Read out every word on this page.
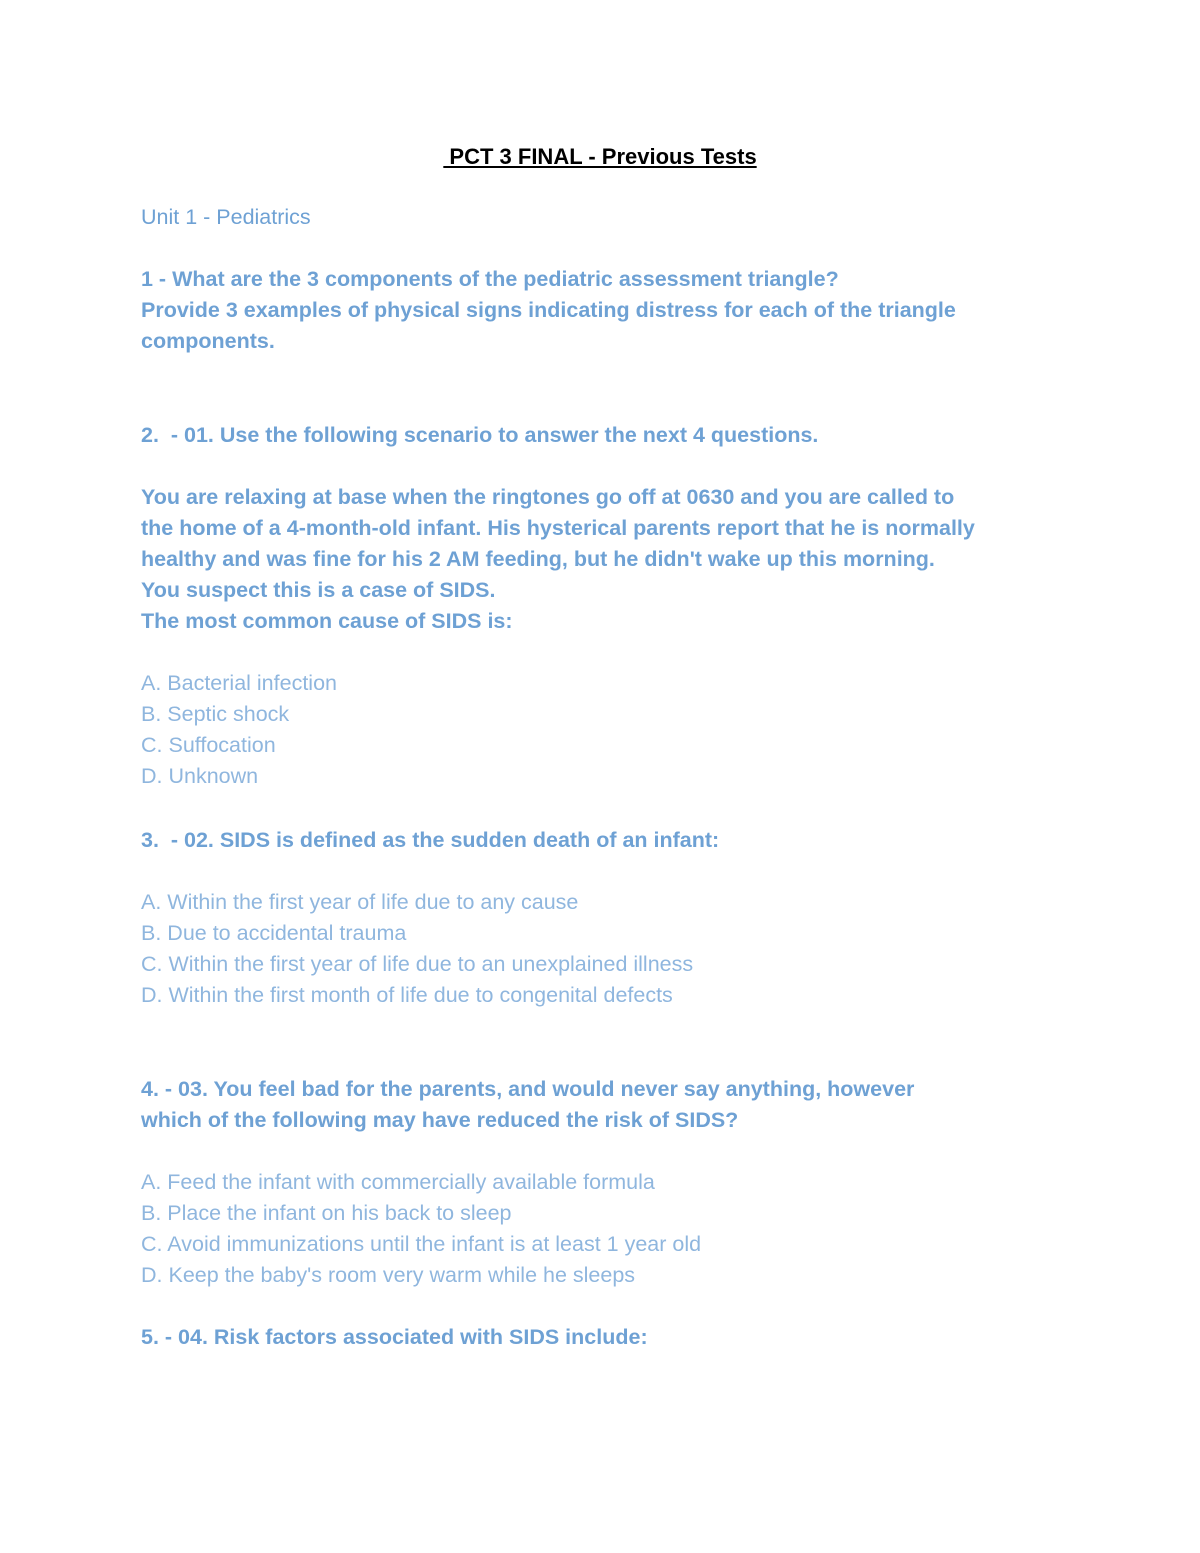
PCT 3 FINAL - Previous Tests
Unit 1 - Pediatrics
1 - What are the 3 components of the pediatric assessment triangle?
Provide 3 examples of physical signs indicating distress for each of the triangle
components.
2.  - 01. Use the following scenario to answer the next 4 questions.
You are relaxing at base when the ringtones go off at 0630 and you are called to
the home of a 4-month-old infant. His hysterical parents report that he is normally
healthy and was fine for his 2 AM feeding, but he didn't wake up this morning.
You suspect this is a case of SIDS.
The most common cause of SIDS is:
A. Bacterial infection
B. Septic shock
C. Suffocation
D. Unknown
3.  - 02. SIDS is defined as the sudden death of an infant:
A. Within the first year of life due to any cause
B. Due to accidental trauma
C. Within the first year of life due to an unexplained illness
D. Within the first month of life due to congenital defects
4. - 03. You feel bad for the parents, and would never say anything, however
which of the following may have reduced the risk of SIDS?
A. Feed the infant with commercially available formula
B. Place the infant on his back to sleep
C. Avoid immunizations until the infant is at least 1 year old
D. Keep the baby's room very warm while he sleeps
5. - 04. Risk factors associated with SIDS include:
